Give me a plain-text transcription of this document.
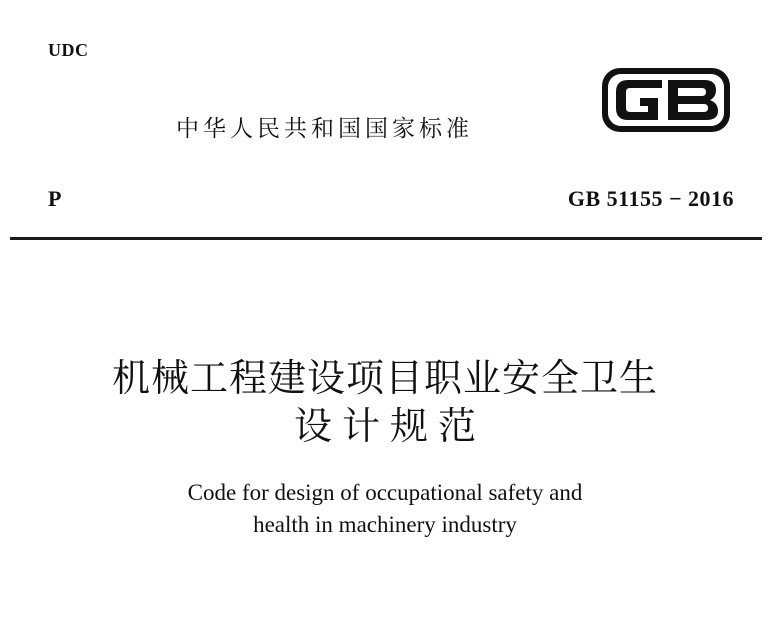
UDC
中华人民共和国国家标准
P	GB 51155 − 2016
机械工程建设项目职业安全卫生
设计规范
Code for design of occupational safety and
health in machinery industry
